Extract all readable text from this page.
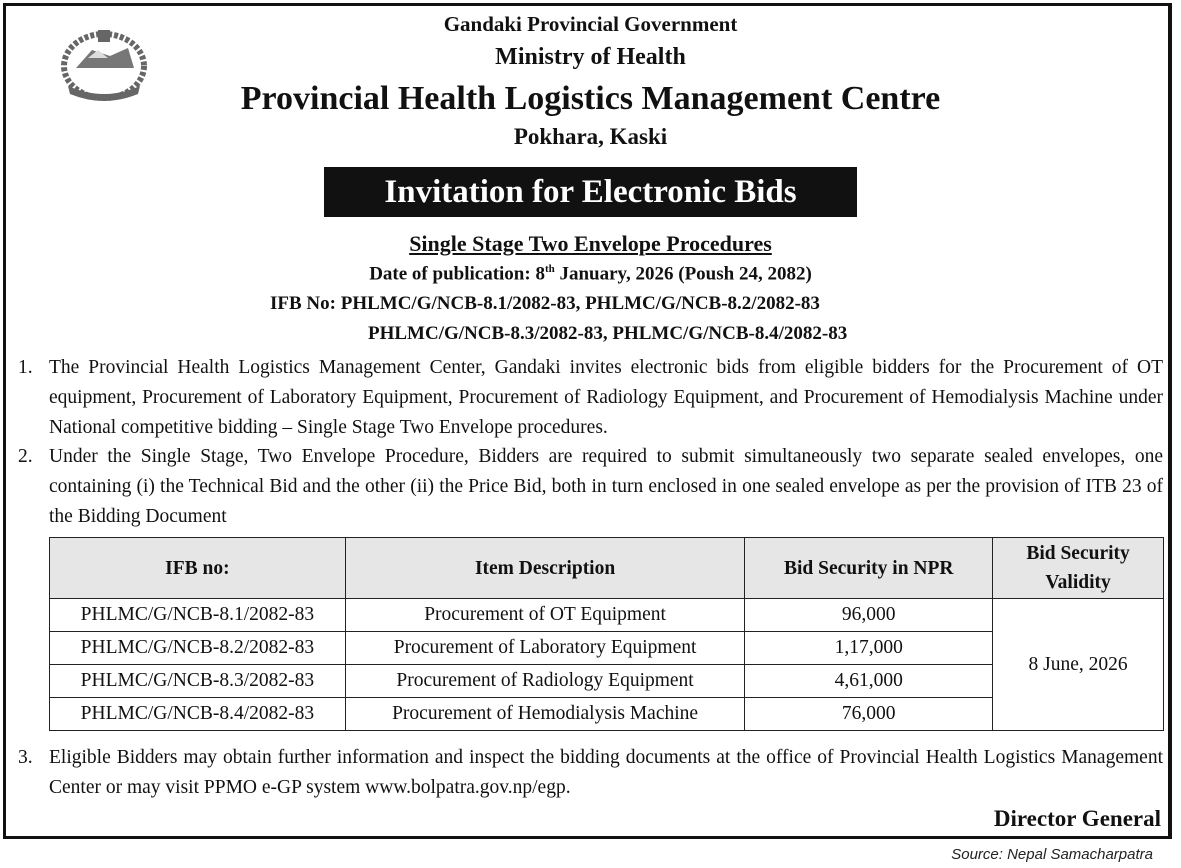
Gandaki Provincial Government
Ministry of Health
Provincial Health Logistics Management Centre
Pokhara, Kaski
Invitation for Electronic Bids
Single Stage Two Envelope Procedures
Date of publication: 8th January, 2026 (Poush 24, 2082)
IFB No: PHLMC/G/NCB-8.1/2082-83, PHLMC/G/NCB-8.2/2082-83
PHLMC/G/NCB-8.3/2082-83, PHLMC/G/NCB-8.4/2082-83
1. The Provincial Health Logistics Management Center, Gandaki invites electronic bids from eligible bidders for the Procurement of OT equipment, Procurement of Laboratory Equipment, Procurement of Radiology Equipment, and Procurement of Hemodialysis Machine under National competitive bidding – Single Stage Two Envelope procedures.
2. Under the Single Stage, Two Envelope Procedure, Bidders are required to submit simultaneously two separate sealed envelopes, one containing (i) the Technical Bid and the other (ii) the Price Bid, both in turn enclosed in one sealed envelope as per the provision of ITB 23 of the Bidding Document
IFB no:	Item Description	Bid Security in NPR	Bid Security Validity
PHLMC/G/NCB-8.1/2082-83	Procurement of OT Equipment	96,000	8 June, 2026
PHLMC/G/NCB-8.2/2082-83	Procurement of Laboratory Equipment	1,17,000	
PHLMC/G/NCB-8.3/2082-83	Procurement of Radiology Equipment	4,61,000	
PHLMC/G/NCB-8.4/2082-83	Procurement of Hemodialysis Machine	76,000	
3. Eligible Bidders may obtain further information and inspect the bidding documents at the office of Provincial Health Logistics Management Center or may visit PPMO e-GP system www.bolpatra.gov.np/egp.
Director General
Source: Nepal Samacharpatra
